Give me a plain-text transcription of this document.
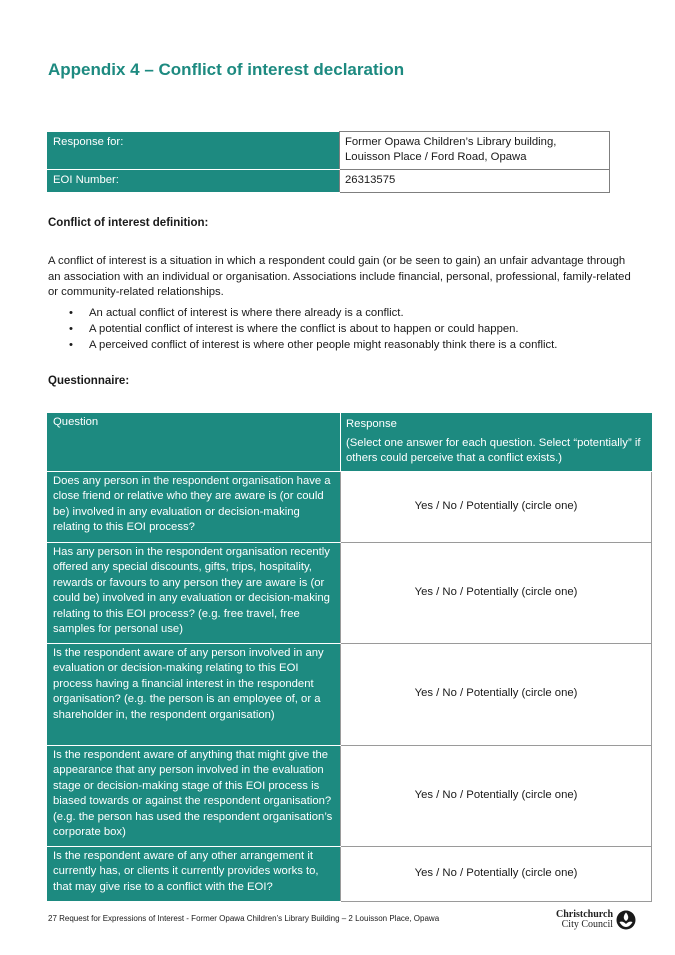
Appendix 4 – Conflict of interest declaration
Response for:	Former Opawa Children’s Library building, Louisson Place / Ford Road, Opawa
EOI Number:	26313575
Conflict of interest definition:

A conflict of interest is a situation in which a respondent could gain (or be seen to gain) an unfair advantage through an association with an individual or organisation. Associations include financial, personal, professional, family-related or community-related relationships.

• An actual conflict of interest is where there already is a conflict.
• A potential conflict of interest is where the conflict is about to happen or could happen.
• A perceived conflict of interest is where other people might reasonably think there is a conflict.
Questionnaire:
Question	Response
(Select one answer for each question. Select “potentially” if others could perceive that a conflict exists.)

Does any person in the respondent organisation have a close friend or relative who they are aware is (or could be) involved in any evaluation or decision-making relating to this EOI process?	Yes / No / Potentially (circle one)
Has any person in the respondent organisation recently offered any special discounts, gifts, trips, hospitality, rewards or favours to any person they are aware is (or could be) involved in any evaluation or decision-making relating to this EOI process? (e.g. free travel, free samples for personal use)	Yes / No / Potentially (circle one)
Is the respondent aware of any person involved in any evaluation or decision-making relating to this EOI process having a financial interest in the respondent organisation? (e.g. the person is an employee of, or a shareholder in, the respondent organisation)	Yes / No / Potentially (circle one)
Is the respondent aware of anything that might give the appearance that any person involved in the evaluation stage or decision-making stage of this EOI process is biased towards or against the respondent organisation? (e.g. the person has used the respondent organisation’s corporate box)	Yes / No / Potentially (circle one)
Is the respondent aware of any other arrangement it currently has, or clients it currently provides works to, that may give rise to a conflict with the EOI?	Yes / No / Potentially (circle one)
27 Request for Expressions of Interest - Former Opawa Children’s Library Building – 2 Louisson Place, Opawa	Christchurch
City Council
